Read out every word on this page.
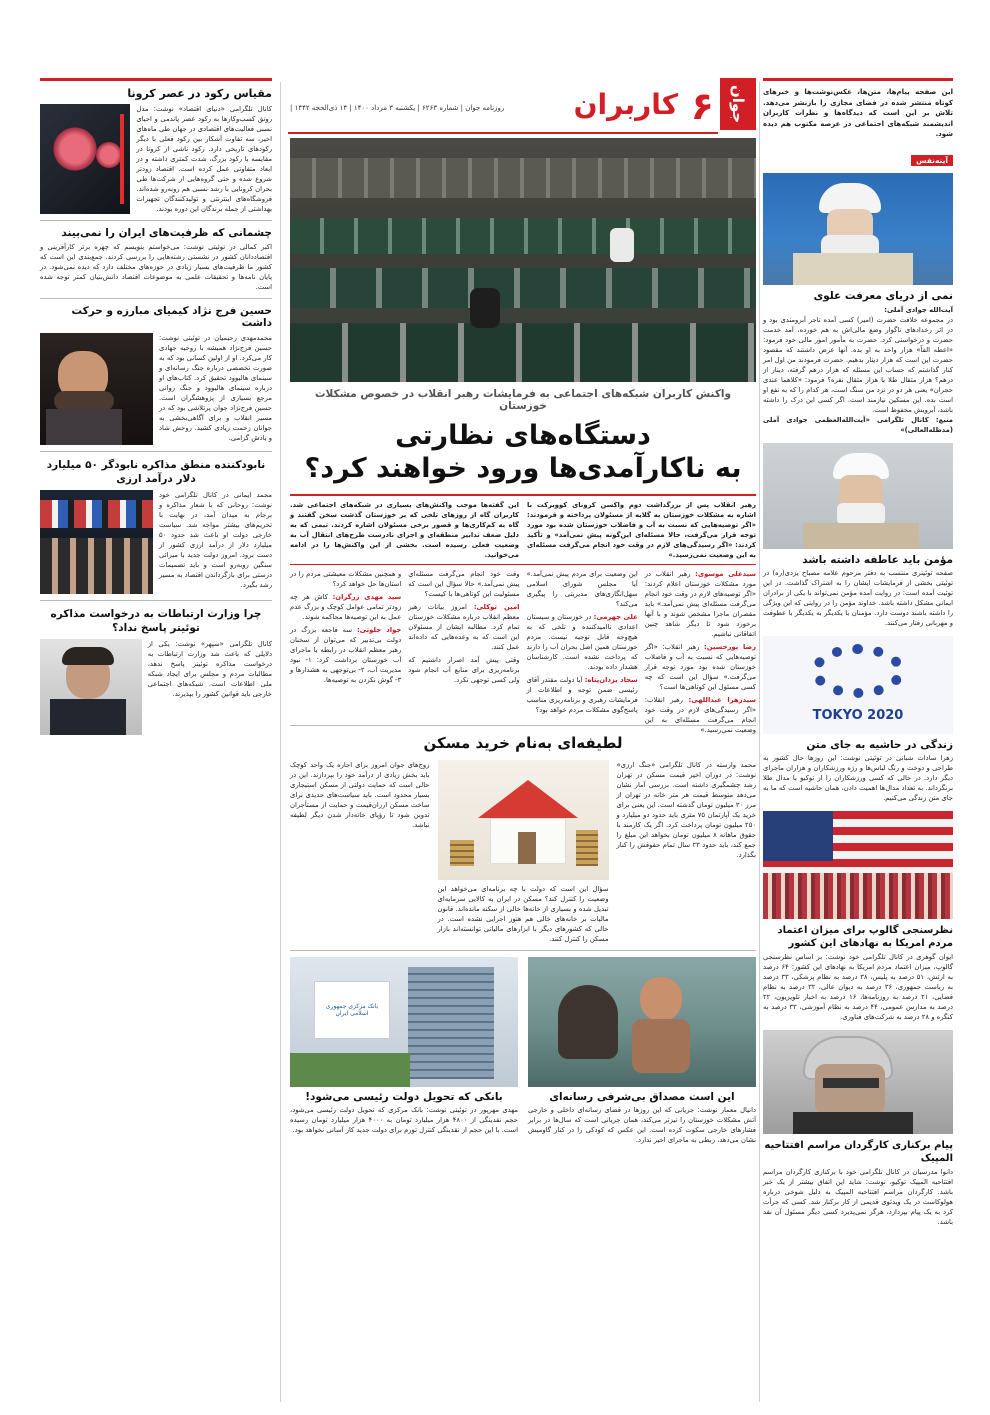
جوان
۶
کاربران
روزنامه جوان | شماره ۶۲۶۳ | یکشنبه ۳ مرداد ۱۴۰۰ | ۱۴ ذی‌الحجه ۱۴۴۲ |

این صفحه پیام‌ها، متن‌ها، عکس‌نوشت‌ها و خبرهای کوتاه منتشر شده در فضای مجازی را بازنشر می‌دهد. تلاش بر این است که دیدگاه‌ها و نظرات کاربران اندیشمند شبکه‌های اجتماعی در عرصه مکتوب هم دیده شود.

آینه‌نفس
نمی از دریای معرفت علوی

آیت‌الله جوادی آملی:

در مجموعه خلافت حضرت (امیر) کسی آمده ‌تاجر آبرومندی بود و در اثر رخدادهای ناگوار وضع مالی‌اش به هم خورده، آمد خدمت حضرت و درخواستی کرد. حضرت به مأمور امور مالی خود فرمود: «اعطه الفاً» هزار واحد به او بده. آنها عرض داشتند که مقصود حضرت این است که هزار دینار بدهیم. حضرت فرمودند من اول امر کنار گذاشتم که حساب این مسئله که هزار درهم گرفته، دینار از درهم؟ هزار مثقال طلا یا هزار مثقال نقره؟ فرمود: «کلاهما عندی حجران» یعنی هر دو در نزد من سنگ است، هر کدام را که به نفع او است بده. این مسکین نیازمند است. اگر کسی این درک را داشته باشد، آبرویش محفوظ است.

منبع: کانال تلگرامی «آیت‌الله‌العظمی جوادی آملی (مدظله‌العالی)»

مؤمن باید عاطفه داشته باشد

صفحه توئیتری منتسب به دفتر مرحوم علامه مصباح یزدی(ره) در توئیتی بخشی از فرمایشات ایشان را به اشتراک گذاشت. در این توئیت آمده است: در روایت آمده مؤمن نمی‌تواند با یکی از برادران ایمانی مشکل داشته باشد. خداوند مؤمن را در روایتی که این ویژگی را داشته باشند دوست دارد. مؤمنان با یکدیگر به یکدیگر با عطوفت و مهربانی رفتار می‌کنند.

TOKYO 2020
زندگی در حاشیه به جای متن

زهرا سادات شبانی در توئیتی نوشت: این روزها حال کشور به طراحی و دوخت و رنگ لباس‌ها و رژه ورزشکاران و هزاران ماجرای دیگر دارد. در حالی که کسی ورزشکاران را از توکیو با مدال طلا برنگرداند. به تعداد مدال‌ها اهمیت دادن، همان حاشیه است که ما به جای متن زندگی می‌کنیم.

نظرسنجی گالوپ برای میزان اعتماد مردم امریکا به نهادهای این کشور

ایوان گوهری در کانال تلگرامی خود نوشت: بر اساس نظرسنجی گالوپ، میزان اعتماد مردم امریکا به نهادهای این کشور: ۶۴ درصد به ارتش، ۵۱ درصد به پلیس، ۳۸ درصد به نظام پزشکی، ۳۳ درصد به ریاست جمهوری، ۳۶ درصد به دیوان عالی، ۳۲ درصد به نظام قضایی، ۲۱ درصد به روزنامه‌ها، ۱۶ درصد به اخبار تلویزیون، ۲۲ درصد به مدارس عمومی، ۴۴ درصد به نظام آموزشی، ۳۳ درصد به کنگره و ۲۸ درصد به شرکت‌های فناوری.

پیام برکناری کارگردان مراسم افتتاحیه المپیک

دانوا مدرسیان در کانال تلگرامی خود با برکناری کارگردان مراسم افتتاحیه المپیک توکیو، نوشت: شاید این اتفاق بیشتر از یک خبر باشد. کارگردان مراسم افتتاحیه المپیک به دلیل شوخی درباره هولوکاست در یک ویدئوی قدیمی از کار برکنار شد. کسی که جرأت کرد به یک پیام بپردازد، هرگز نمی‌پذیرد کسی دیگر مسئول آن نقد باشد.

واکنش کاربران شبکه‌های اجتماعی به فرمایشات رهبر انقلاب در خصوص مشکلات خوزستان
دستگاه‌های نظارتی
به ناکارآمدی‌ها ورود خواهند کرد؟

رهبر انقلاب پس از بزرگداشت دوم واکسن کرونای کووبرکت با اشاره به مشکلات خوزستان به گلایه از مسئولان پرداخته و فرمودند: «اگر توصیه‌هایی که نسبت به آب و فاضلاب خوزستان شده بود مورد توجه قرار می‌گرفت، حالا مسئله‌ای این‌گونه پیش نمی‌آمد» و تأکید کردند: «اگر رسیدگی‌های لازم در وقت خود انجام می‌گرفت مسئله‌ای به این وضعیت نمی‌رسید.»

این گفته‌ها موجب واکنش‌های بسیاری در شبکه‌های اجتماعی شد. کاربران گاه از روزهای تلخی که بر خوزستان گذشت سخن گفتند و گاه به کم‌کاری‌ها و قصور برخی مسئولان اشاره کردند. تیمی که به دلیل ضعف تدابیر منطقه‌ای و اجرای نادرست طرح‌های انتقال آب به وضعیت فعلی رسیده است. بخشی از این واکنش‌ها را در ادامه می‌خوانید.

سیدعلی موسوی: رهبر انقلاب در مورد مشکلات خوزستان اعلام کردند: «اگر توصیه‌های لازم در وقت خود انجام می‌گرفت مسئله‌ای پیش نمی‌آمد.» باید مقصران ماجرا مشخص شوند و با آنها برخورد شود تا دیگر شاهد چنین اتفاقاتی نباشیم.

رضا پورحسین: رهبر انقلاب: «اگر توصیه‌هایی که نسبت به آب و فاضلاب خوزستان شده بود مورد توجه قرار می‌گرفت.» سؤال این است که چه کسی مسئول این کوتاهی‌ها است؟

سیدزهرا عبداللهی: رهبر انقلاب: «اگر رسیدگی‌های لازم در وقت خود انجام می‌گرفت مسئله‌ای به این وضعیت نمی‌رسید.»

این وضعیت برای مردم پیش نمی‌آمد.» آیا مجلس شورای اسلامی سهل‌انگاری‌های مدیریتی را پیگیری می‌کند؟

علی جهرمی: در خوزستان و سیستان اعدادی ناامیدکننده و تلخی که به هیچ‌وجه قابل توجیه نیست. مردم خوزستان همین اصل بحران آب را دارند که پرداخت نشده است. کارشناسان هشدار داده بودند.

سجاد یزدان‌پناه: آیا دولت مقتدر آقای رئیسی ضمن توجه و اطلاعات از فرمایشات رهبری و برنامه‌ریزی مناسب پاسخ‌گوی مشکلات مردم خواهد بود؟

وقت خود انجام می‌گرفت مسئله‌ای پیش نمی‌آمد.» حالا سؤال این است که مسئولیت این کوتاهی‌ها با کیست؟

امین توکلی: امروز بیانات رهبر معظم انقلاب درباره مشکلات خوزستان تمام کرد. مطالبه ایشان از مسئولان این است که به وعده‌هایی که داده‌اند عمل کنند.

وقتی پیش آمد اصرار داشتیم که برنامه‌ریزی برای منابع آب انجام شود ولی کسی توجهی نکرد.

و همچنین مشکلات معیشتی مردم را در استان‌ها حل خواهد کرد؟

سید مهدی زرگران: کاش هر چه زودتر تمامی عوامل کوچک و بزرگ عدم عمل به این توصیه‌ها محاکمه شوند.

جواد جلوتی: سه فاجعه بزرگ در دولت بی‌تدبیر که می‌توان از سخنان رهبر معظم انقلاب در رابطه با ماجرای آب خوزستان برداشت کرد: ۱- نبود مدیریت آب، ۲- بی‌توجهی به هشدارها و ۳- گوش نکردن به توصیه‌ها.

لطیفه‌ای به‌نام خرید مسکن

محمد وارسته در کانال تلگرامی «جنگ ارزی» نوشت: در دوران اخیر قیمت مسکن در تهران رشد چشمگیری داشته است. بررسی آمار نشان می‌دهد متوسط قیمت هر متر خانه در تهران از مرز ۳۰ میلیون تومان گذشته است. این یعنی برای خرید یک آپارتمان ۷۵ متری باید حدود دو میلیارد و ۲۵۰ میلیون تومان پرداخت کرد. اگر یک کارمند با حقوق ماهانه ۸ میلیون تومان بخواهد این مبلغ را جمع کند، باید حدود ۲۳ سال تمام حقوقش را کنار بگذارد.

سؤال این است که دولت با چه برنامه‌ای می‌خواهد این وضعیت را کنترل کند؟ مسکن در ایران به کالایی سرمایه‌ای تبدیل شده و بسیاری از خانه‌ها خالی از سکنه مانده‌اند. قانون مالیات بر خانه‌های خالی هم هنوز اجرایی نشده است. در حالی که کشورهای دیگر با ابزارهای مالیاتی توانسته‌اند بازار مسکن را کنترل کنند.

زوج‌های جوان امروز برای اجاره یک واحد کوچک باید بخش زیادی از درآمد خود را بپردازند. این در حالی است که حمایت دولتی از مسکن استیجاری بسیار محدود است. باید سیاست‌های جدیدی برای ساخت مسکن ارزان‌قیمت و حمایت از مستأجران تدوین شود تا رؤیای خانه‌دار شدن دیگر لطیفه نباشد.

این است مصداق بی‌شرفی رسانه‌ای

دانیال معمار نوشت: جریانی که این روزها در فضای رسانه‌ای داخلی و خارجی آتش مشکلات خوزستان را تیزتر می‌کند، همان جریانی است که سال‌ها در برابر فشارهای خارجی سکوت کرده است. این عکس که کودکی را در کنار گاومیش نشان می‌دهد، ربطی به ماجرای اخیر ندارد.

بانک مرکزی جمهوری اسلامی ایران
بانکی که تحویل دولت رئیسی می‌شود!

مهدی مهرپور در توئیتی نوشت: بانک مرکزی که تحویل دولت رئیسی می‌شود، حجم نقدینگی از ۴۸۰۰ هزار میلیارد تومان به ۴۰۰۰ هزار میلیارد تومان رسیده است. با این حجم از نقدینگی کنترل تورم برای دولت جدید کار آسانی نخواهد بود.

مقیاس رکود در عصر کرونا

کانال تلگرامی «دنیای اقتصاد» نوشت: مدل رونق کسب‌وکارها به رکود عصر پاندمی و احیای نسبی فعالیت‌های اقتصادی در جهان طی ماه‌های اخیر، سه تفاوت آشکار بین رکود فعلی با دیگر رکودهای تاریخی دارد. رکود ناشی از کرونا در مقایسه با رکود بزرگ، شدت کمتری داشته و در ابعاد متفاوتی عمل کرده است. اقتصاد زودتر شروع شده و حتی گروه‌هایی از شرکت‌ها طی بحران کرونایی با رشد نسبی هم روبه‌رو شده‌اند. فروشگاه‌های اینترنتی و تولیدکنندگان تجهیزات بهداشتی از جمله برندگان این دوره بودند.

چشمانی که ظرفیت‌های ایران را نمی‌بیند

اکبر کمالی در توئیتی نوشت: می‌خواستم بنویسم که چهره برتر کارآفرینی و اقتصاددانان کشور در نشستی رشته‌هایی را بررسی کردند. جمع‌بندی این است که کشور ما ظرفیت‌های بسیار زیادی در حوزه‌های مختلف دارد که دیده نمی‌شود. در پایان نامه‌ها و تحقیقات علمی به موضوعات اقتصاد دانش‌بنیان کمتر توجه شده است.

حسین فرج نژاد کیمیای مبارزه و حرکت داشت

محمدمهدی رحیمیان در توئیتی نوشت: حسین فرج‌نژاد همیشه با روحیه جهادی کار می‌کرد. او از اولین کسانی بود که به صورت تخصصی درباره جنگ رسانه‌ای و سینمای هالیوود تحقیق کرد. کتاب‌های او درباره سینمای هالیوود و جنگ روانی مرجع بسیاری از پژوهشگران است. حسین فرج‌نژاد جوان پرتلاشی بود که در مسیر انقلاب و برای آگاهی‌بخشی به جوانان زحمت زیادی کشید. روحش شاد و یادش گرامی.

نابودکننده منطق مذاکره نابودگر ۵۰ میلیارد دلار درآمد ارزی

محمد ایمانی در کانال تلگرامی خود نوشت: روحانی که با شعار مذاکره و برجام به میدان آمد، در نهایت با تحریم‌های بیشتر مواجه شد. سیاست خارجی دولت او باعث شد حدود ۵۰ میلیارد دلار از درآمد ارزی کشور از دست برود. امروز دولت جدید با میراثی سنگین روبه‌رو است و باید تصمیمات درستی برای بازگرداندن اقتصاد به مسیر رشد بگیرد.

چرا وزارت ارتباطات به درخواست مذاکره توئیتر پاسخ نداد؟

کانال تلگرامی «سپهر» نوشت: یکی از دلایلی که باعث شد وزارت ارتباطات به درخواست مذاکره توئیتر پاسخ ندهد، مطالبات مردم و مجلس برای ایجاد شبکه ملی اطلاعات است. شبکه‌های اجتماعی خارجی باید قوانین کشور را بپذیرند.
